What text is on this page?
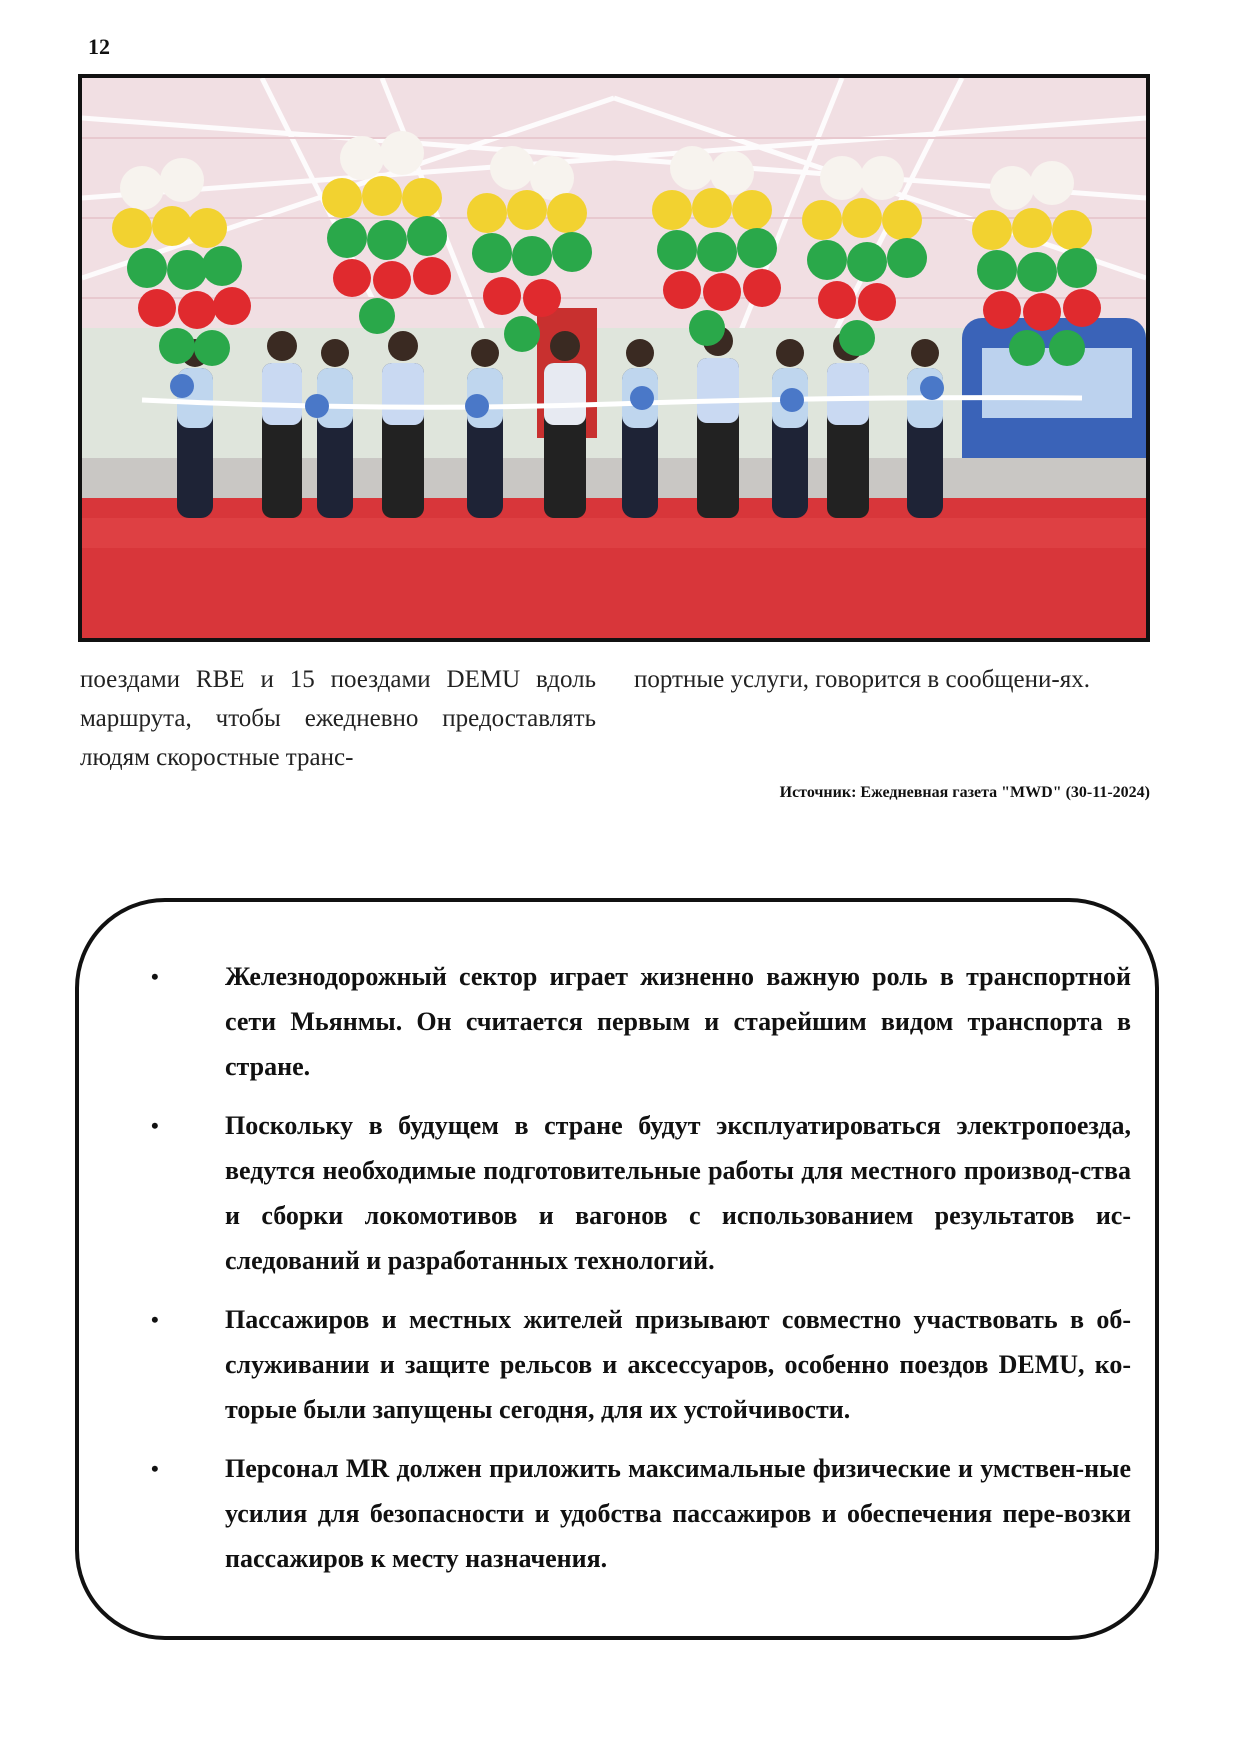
12
поездами RBE и 15 поездами DEMU вдоль маршрута, чтобы ежедневно предоставлять людям скоростные транс-
портные услуги, говорится в сообщени-ях.
Источник: Ежедневная газета "MWD" (30-11-2024)
•	Железнодорожный сектор играет жизненно важную роль в транспортной сети Мьянмы. Он считается первым и старейшим видом транспорта в стране.
•	Поскольку в будущем в стране будут эксплуатироваться электропоезда, ведутся необходимые подготовительные работы для местного производ-ства и сборки локомотивов и вагонов с использованием результатов ис-следований и разработанных технологий.
•	Пассажиров и местных жителей призывают совместно участвовать в об-служивании и защите рельсов и аксессуаров, особенно поездов DEMU, ко-торые были запущены сегодня, для их устойчивости.
•	Персонал MR должен приложить максимальные физические и умствен-ные усилия для безопасности и удобства пассажиров и обеспечения пере-возки пассажиров к месту назначения.
